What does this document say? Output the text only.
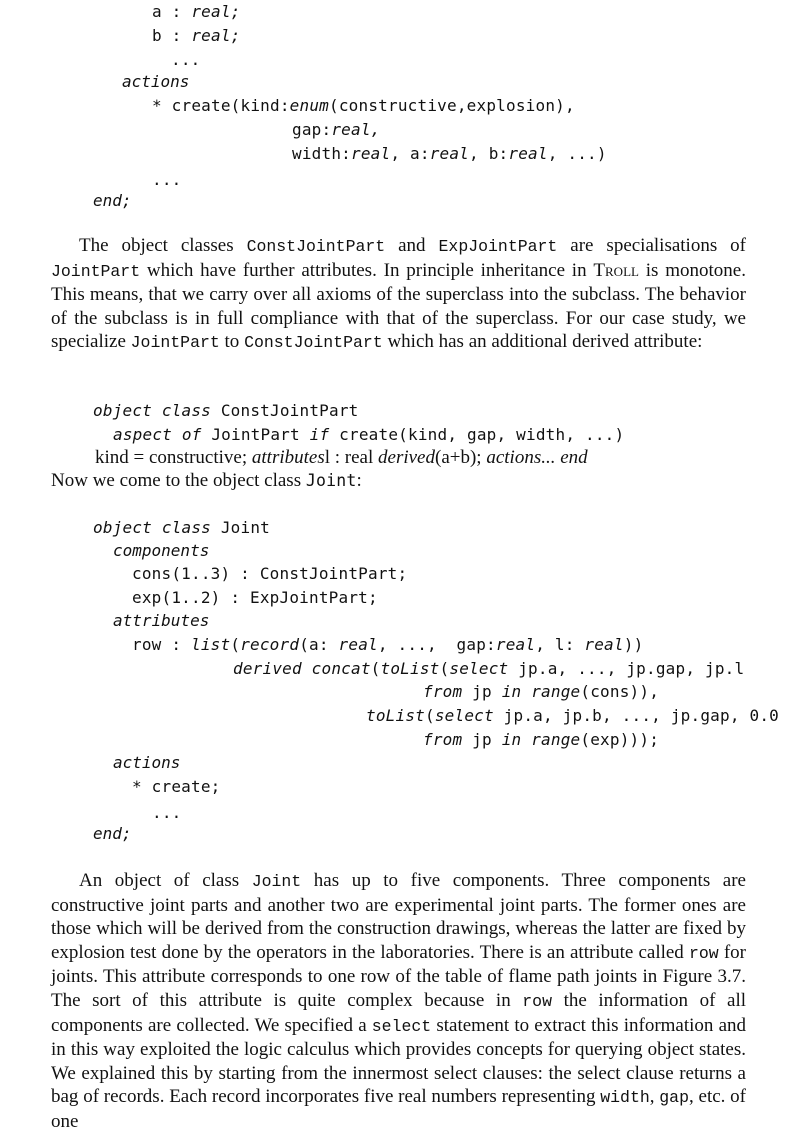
a : real;
b : real;
...
actions
* create(kind:enum(constructive,explosion),
gap:real,
width:real, a:real, b:real, ...)
...
end;

The object classes ConstJointPart and ExpJointPart are specialisations of JointPart which have further attributes. In principle inheritance in Troll is monotone. This means, that we carry over all axioms of the superclass into the subclass. The behavior of the subclass is in full compliance with that of the superclass. For our case study, we specialize JointPart to ConstJointPart which has an additional derived attribute:

object class ConstJointPart
aspect of JointPart if create(kind, gap, width, ...)
kind = constructive; attributesl : real derived(a+b); actions... end
Now we come to the object class Joint:
object class Joint
components
cons(1..3) : ConstJointPart;
exp(1..2) : ExpJointPart;
attributes
row : list(record(a: real, ...,  gap:real, l: real))
derived concat(toList(select jp.a, ..., jp.gap, jp.l
from jp in range(cons)),
toList(select jp.a, jp.b, ..., jp.gap, 0.0
from jp in range(exp)));
actions
* create;
...
end;

An object of class Joint has up to five components. Three components are constructive joint parts and another two are experimental joint parts. The former ones are those which will be derived from the construction drawings, whereas the latter are fixed by explosion test done by the operators in the laboratories. There is an attribute called row for joints. This attribute corresponds to one row of the table of flame path joints in Figure 3.7. The sort of this attribute is quite complex because in row the information of all components are collected. We specified a select statement to extract this information and in this way exploited the logic calculus which provides concepts for querying object states. We explained this by starting from the innermost select clauses: the select clause returns a bag of records. Each record incorporates five real numbers representing width, gap, etc. of one
